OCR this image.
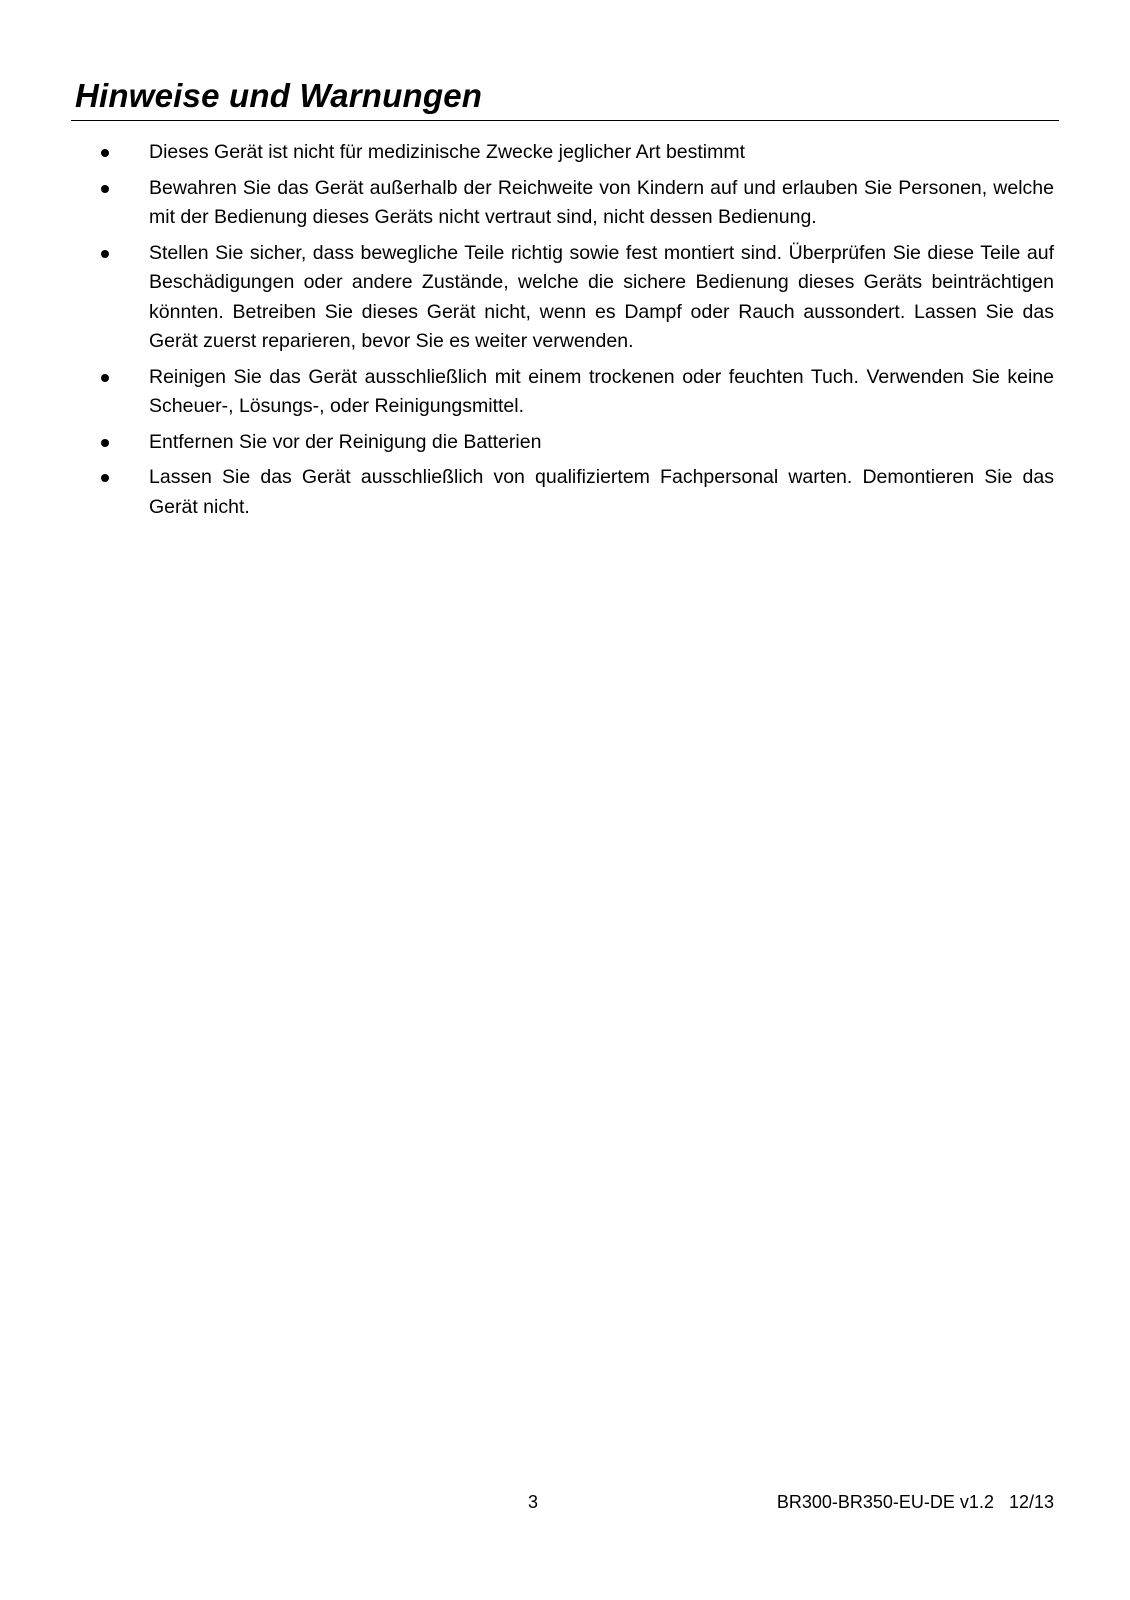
Hinweise und Warnungen
Dieses Gerät ist nicht für medizinische Zwecke jeglicher Art bestimmt
Bewahren Sie das Gerät außerhalb der Reichweite von Kindern auf und erlauben Sie Personen, welche mit der Bedienung dieses Geräts nicht vertraut sind, nicht dessen Bedienung.
Stellen Sie sicher, dass bewegliche Teile richtig sowie fest montiert sind. Überprüfen Sie diese Teile auf Beschädigungen oder andere Zustände, welche die sichere Bedienung dieses Geräts beinträchtigen könnten. Betreiben Sie dieses Gerät nicht, wenn es Dampf oder Rauch aussondert. Lassen Sie das Gerät zuerst reparieren, bevor Sie es weiter verwenden.
Reinigen Sie das Gerät ausschließlich mit einem trockenen oder feuchten Tuch. Verwenden Sie keine Scheuer-, Lösungs-, oder Reinigungsmittel.
Entfernen Sie vor der Reinigung die Batterien
Lassen Sie das Gerät ausschließlich von qualifiziertem Fachpersonal warten. Demontieren Sie das Gerät nicht.
3	BR300-BR350-EU-DE v1.2   12/13
